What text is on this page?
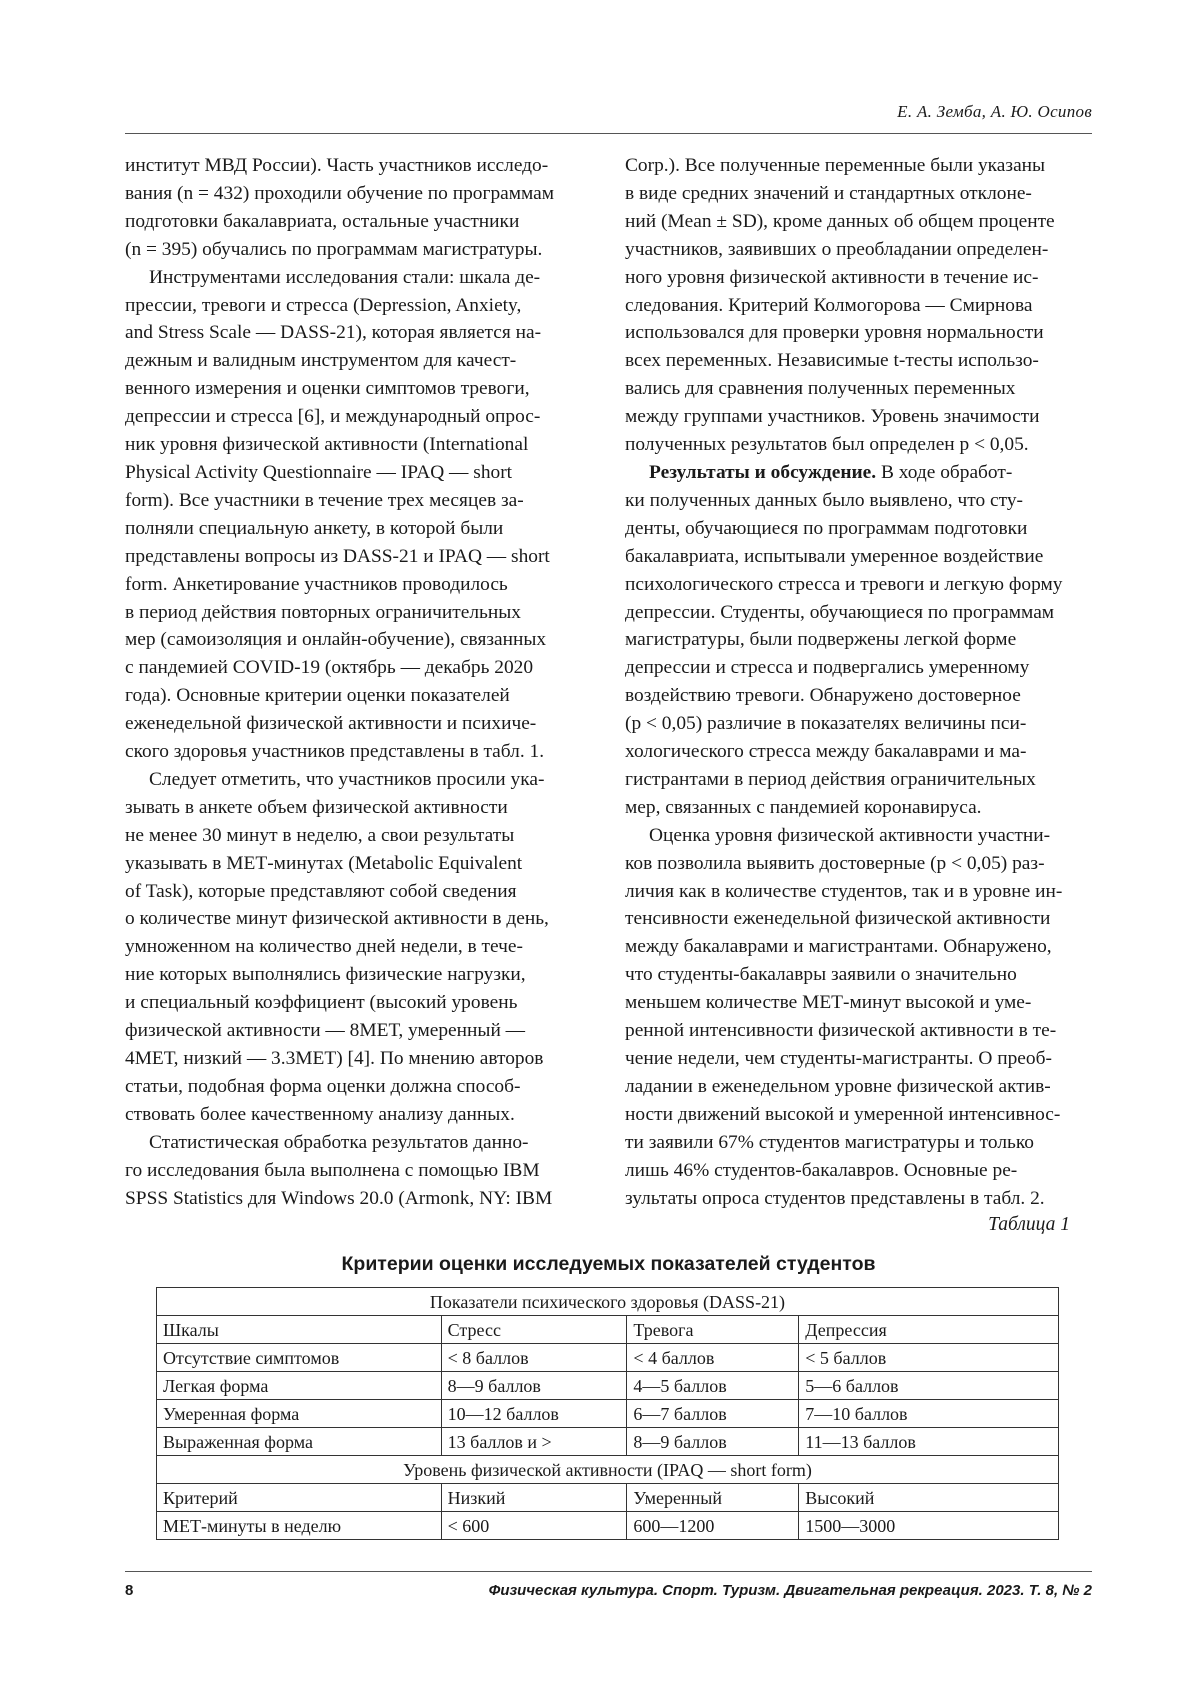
Е. А. Земба, А. Ю. Осипов

институт МВД России). Часть участников исследо-
вания (n = 432) проходили обучение по программам
подготовки бакалавриата, остальные участники
(n = 395) обучались по программам магистратуры.

Инструментами исследования стали: шкала де-
прессии, тревоги и стресса (Depression, Anxiety,
and Stress Scale — DASS-21), которая является на-
дежным и валидным инструментом для качест-
венного измерения и оценки симптомов тревоги,
депрессии и стресса [6], и международный опрос-
ник уровня физической активности (International
Physical Activity Questionnaire — IPAQ — short
form). Все участники в течение трех месяцев за-
полняли специальную анкету, в которой были
представлены вопросы из DASS-21 и IPAQ — short
form. Анкетирование участников проводилось
в период действия повторных ограничительных
мер (самоизоляция и онлайн-обучение), связанных
с пандемией COVID-19 (октябрь — декабрь 2020
года). Основные критерии оценки показателей
еженедельной физической активности и психиче-
ского здоровья участников представлены в табл. 1.

Следует отметить, что участников просили ука-
зывать в анкете объем физической активности
не менее 30 минут в неделю, а свои результаты
указывать в МЕТ-минутах (Metabolic Equivalent
of Task), которые представляют собой сведения
о количестве минут физической активности в день,
умноженном на количество дней недели, в тече-
ние которых выполнялись физические нагрузки,
и специальный коэффициент (высокий уровень
физической активности — 8МЕТ, умеренный —
4МЕТ, низкий — 3.3МЕТ) [4]. По мнению авторов
статьи, подобная форма оценки должна способ-
ствовать более качественному анализу данных.

Статистическая обработка результатов данно-
го исследования была выполнена с помощью IBM
SPSS Statistics для Windows 20.0 (Armonk, NY: IBM

Corp.). Все полученные переменные были указаны
в виде средних значений и стандартных отклоне-
ний (Mean ± SD), кроме данных об общем проценте
участников, заявивших о преобладании определен-
ного уровня физической активности в течение ис-
следования. Критерий Колмогорова — Смирнова
использовался для проверки уровня нормальности
всех переменных. Независимые t-тесты использо-
вались для сравнения полученных переменных
между группами участников. Уровень значимости
полученных результатов был определен p < 0,05.

Результаты и обсуждение. В ходе обработ-
ки полученных данных было выявлено, что сту-
денты, обучающиеся по программам подготовки
бакалавриата, испытывали умеренное воздействие
психологического стресса и тревоги и легкую форму
депрессии. Студенты, обучающиеся по программам
магистратуры, были подвержены легкой форме
депрессии и стресса и подвергались умеренному
воздействию тревоги. Обнаружено достоверное
(p < 0,05) различие в показателях величины пси-
хологического стресса между бакалаврами и ма-
гистрантами в период действия ограничительных
мер, связанных с пандемией коронавируса.

Оценка уровня физической активности участни-
ков позволила выявить достоверные (p < 0,05) раз-
личия как в количестве студентов, так и в уровне ин-
тенсивности еженедельной физической активности
между бакалаврами и магистрантами. Обнаружено,
что студенты-бакалавры заявили о значительно
меньшем количестве МЕТ-минут высокой и уме-
ренной интенсивности физической активности в те-
чение недели, чем студенты-магистранты. О преоб-
ладании в еженедельном уровне физической актив-
ности движений высокой и умеренной интенсивнос-
ти заявили 67% студентов магистратуры и только
лишь 46% студентов-бакалавров. Основные ре-
зультаты опроса студентов представлены в табл. 2.

Таблица 1
Критерии оценки исследуемых показателей студентов
Показатели психического здоровья (DASS-21)			
Шкалы	Стресс	Тревога	Депрессия
Отсутствие симптомов	< 8 баллов	< 4 баллов	< 5 баллов
Легкая форма	8—9 баллов	4—5 баллов	5—6 баллов
Умеренная форма	10—12 баллов	6—7 баллов	7—10 баллов
Выраженная форма	13 баллов и >	8—9 баллов	11—13 баллов
Уровень физической активности (IPAQ — short form)			
Критерий	Низкий	Умеренный	Высокий
МЕТ-минуты в неделю	< 600	600—1200	1500—3000
8	Физическая культура. Спорт. Туризм. Двигательная рекреация. 2023. Т. 8, № 2
